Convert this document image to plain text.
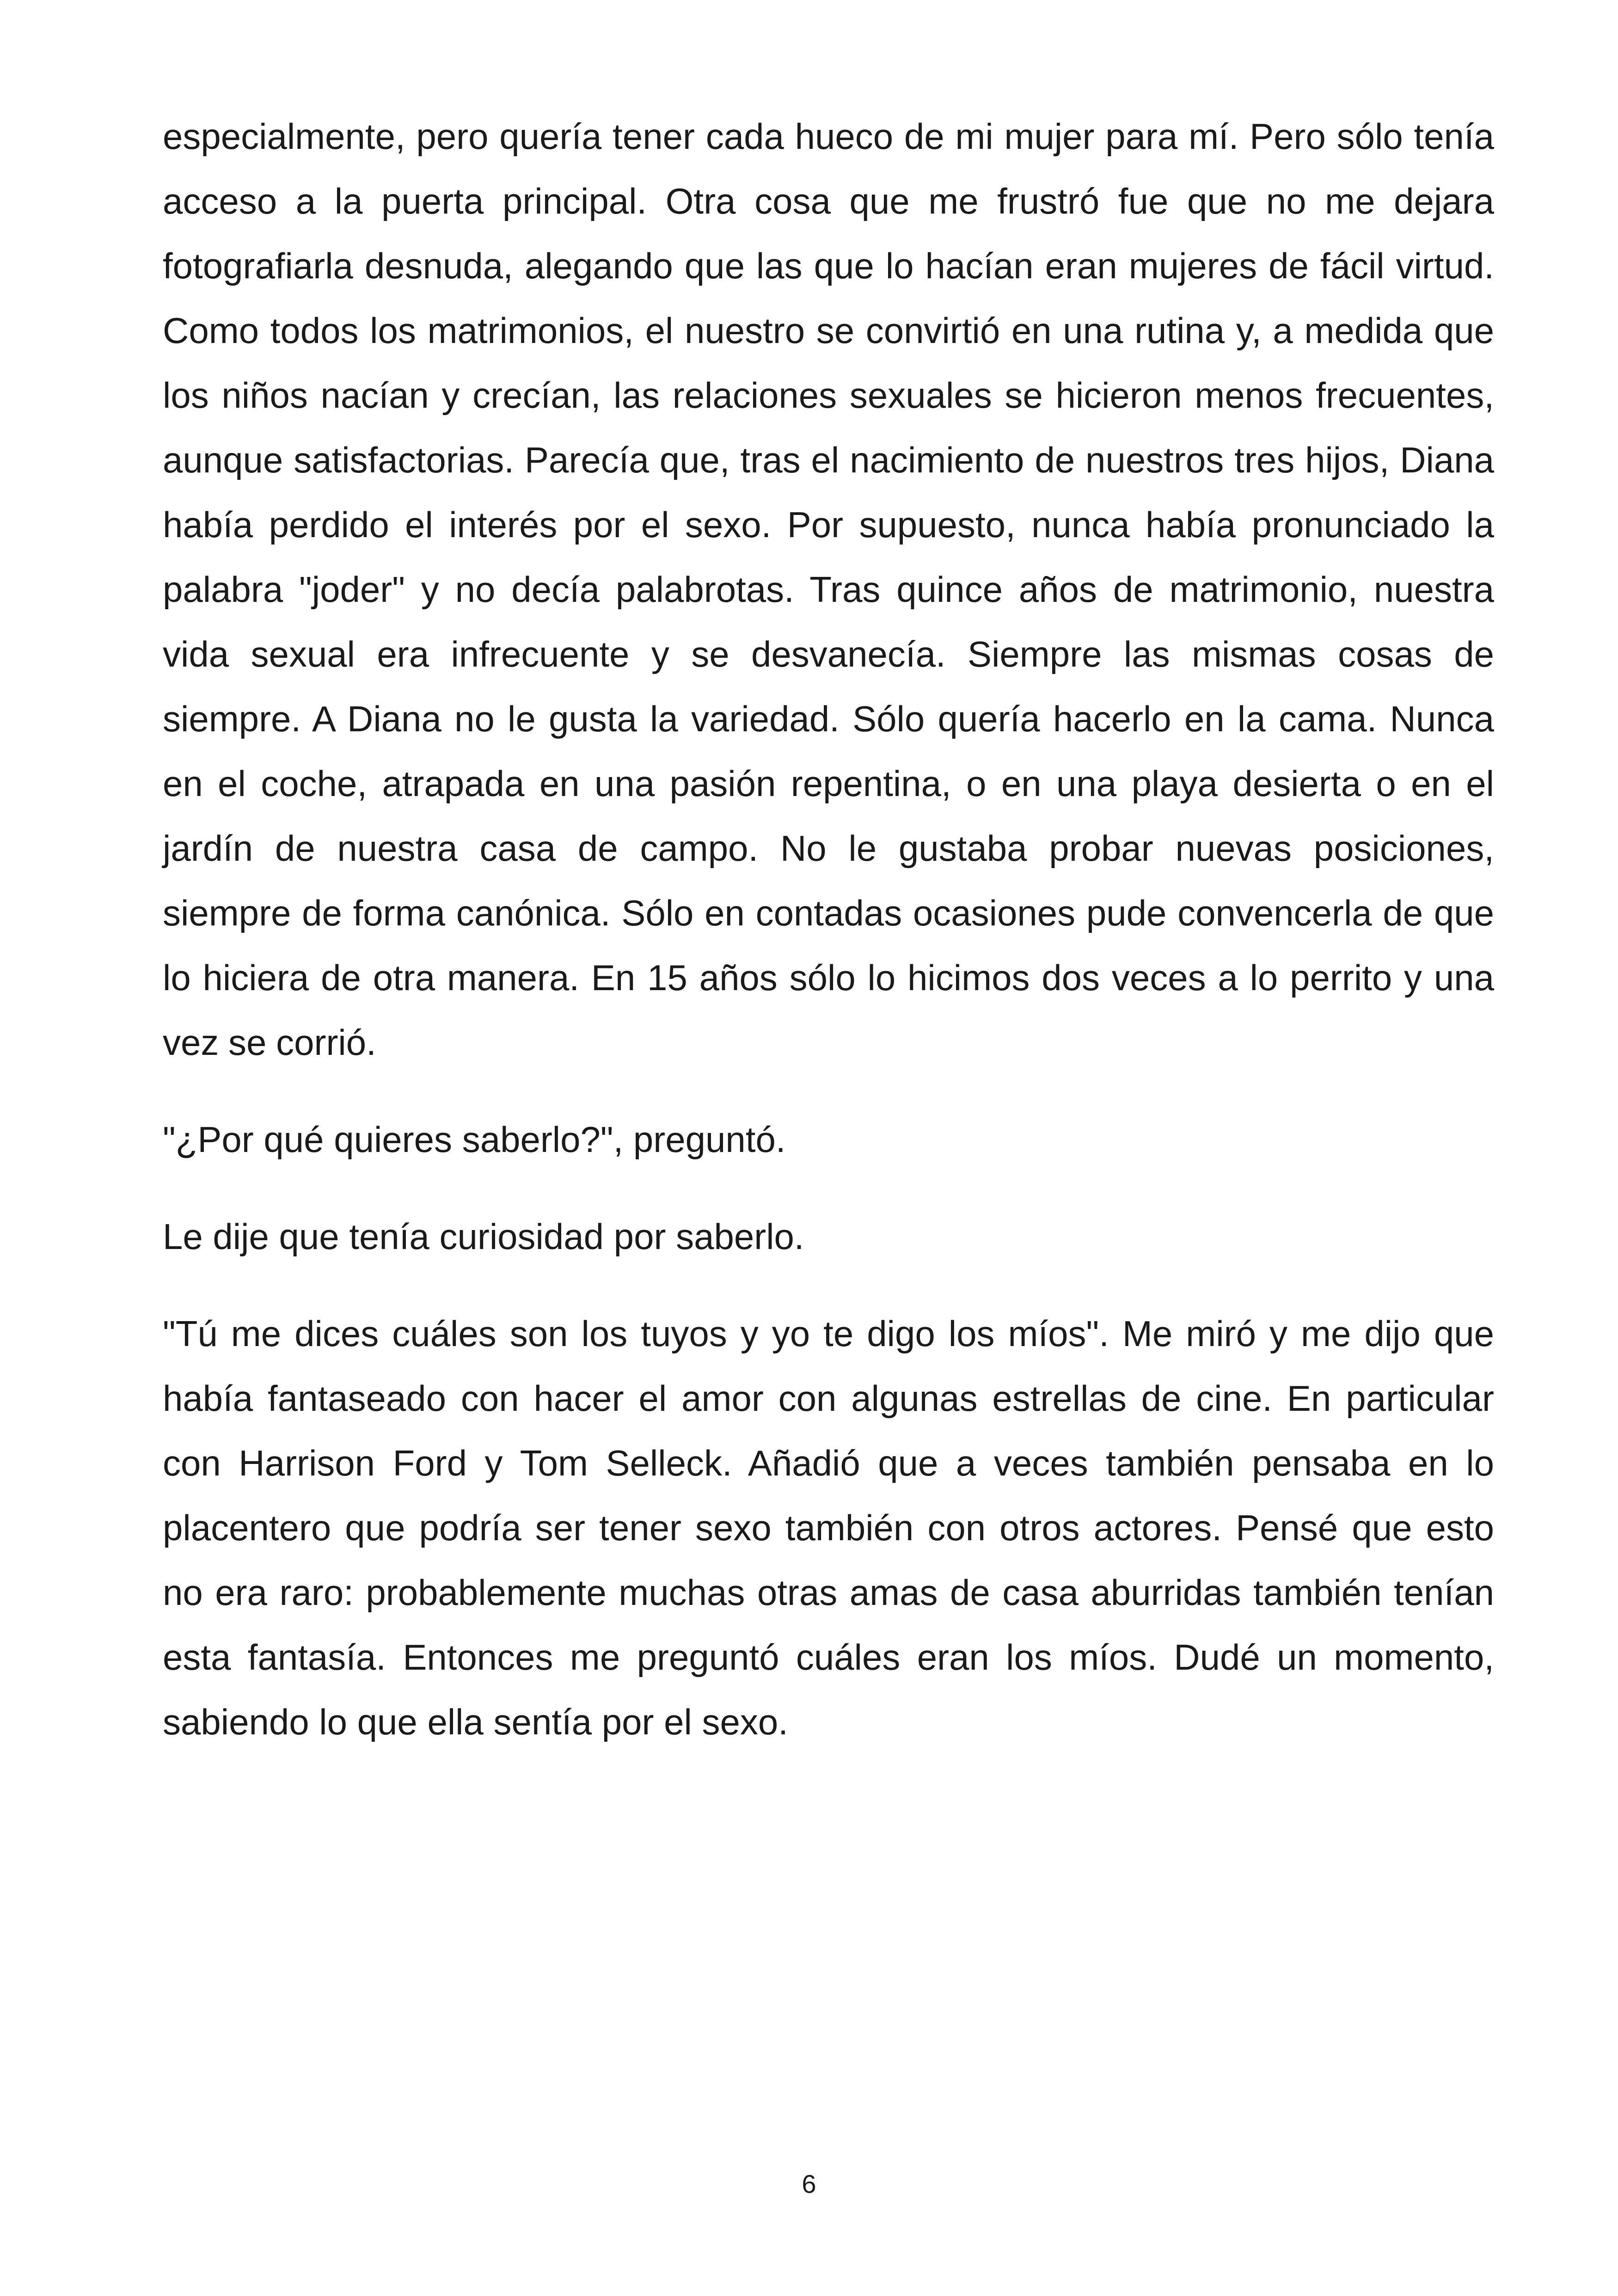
especialmente, pero quería tener cada hueco de mi mujer para mí. Pero sólo tenía acceso a la puerta principal. Otra cosa que me frustró fue que no me dejara fotografiarla desnuda, alegando que las que lo hacían eran mujeres de fácil virtud. Como todos los matrimonios, el nuestro se convirtió en una rutina y, a medida que los niños nacían y crecían, las relaciones sexuales se hicieron menos frecuentes, aunque satisfactorias. Parecía que, tras el nacimiento de nuestros tres hijos, Diana había perdido el interés por el sexo. Por supuesto, nunca había pronunciado la palabra "joder" y no decía palabrotas. Tras quince años de matrimonio, nuestra vida sexual era infrecuente y se desvanecía. Siempre las mismas cosas de siempre. A Diana no le gusta la variedad. Sólo quería hacerlo en la cama. Nunca en el coche, atrapada en una pasión repentina, o en una playa desierta o en el jardín de nuestra casa de campo. No le gustaba probar nuevas posiciones, siempre de forma canónica. Sólo en contadas ocasiones pude convencerla de que lo hiciera de otra manera. En 15 años sólo lo hicimos dos veces a lo perrito y una vez se corrió.

"¿Por qué quieres saberlo?", preguntó.

Le dije que tenía curiosidad por saberlo.

"Tú me dices cuáles son los tuyos y yo te digo los míos". Me miró y me dijo que había fantaseado con hacer el amor con algunas estrellas de cine. En particular con Harrison Ford y Tom Selleck. Añadió que a veces también pensaba en lo placentero que podría ser tener sexo también con otros actores. Pensé que esto no era raro: probablemente muchas otras amas de casa aburridas también tenían esta fantasía. Entonces me preguntó cuáles eran los míos. Dudé un momento, sabiendo lo que ella sentía por el sexo.

6
